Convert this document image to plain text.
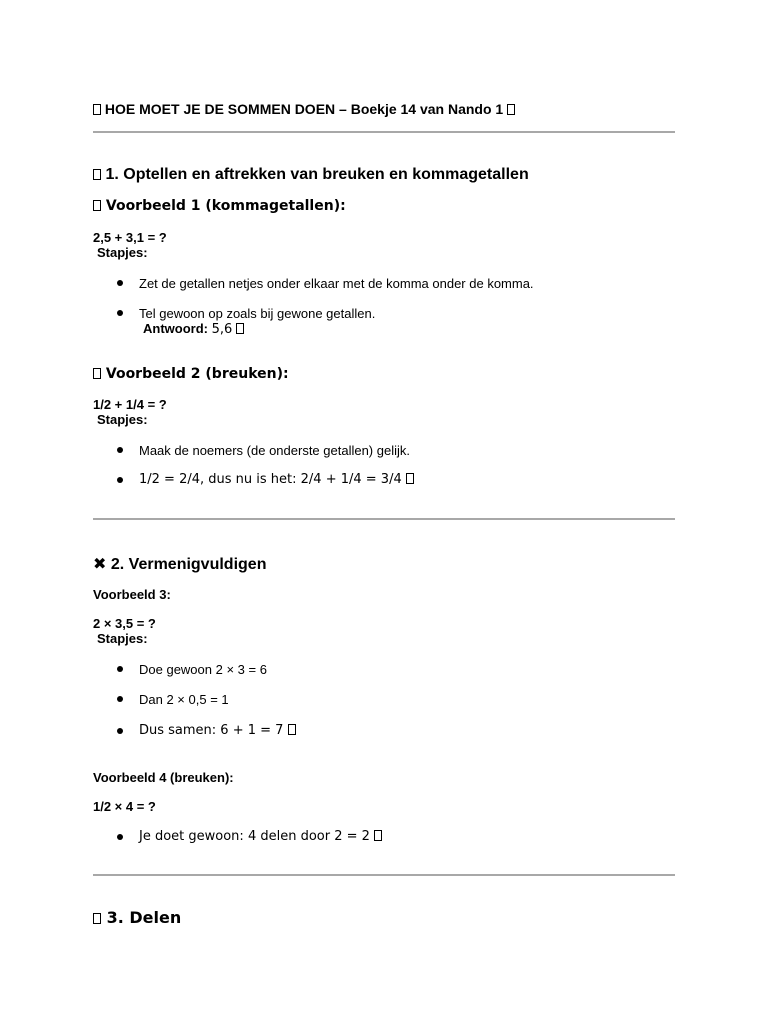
HOE MOET JE DE SOMMEN DOEN – Boekje 14 van Nando 1
1. Optellen en aftrekken van breuken en kommagetallen
Voorbeeld 1 (kommagetallen):
2,5 + 3,1 = ?
Stapjes:
Zet de getallen netjes onder elkaar met de komma onder de komma.
Tel gewoon op zoals bij gewone getallen.
Antwoord: 5,6
Voorbeeld 2 (breuken):
1/2 + 1/4 = ?
Stapjes:
Maak de noemers (de onderste getallen) gelijk.
1/2 = 2/4, dus nu is het: 2/4 + 1/4 = 3/4
✖ 2. Vermenigvuldigen
Voorbeeld 3:
2 × 3,5 = ?
Stapjes:
Doe gewoon 2 × 3 = 6
Dan 2 × 0,5 = 1
Dus samen: 6 + 1 = 7
Voorbeeld 4 (breuken):
1/2 × 4 = ?
Je doet gewoon: 4 delen door 2 = 2
3. Delen
